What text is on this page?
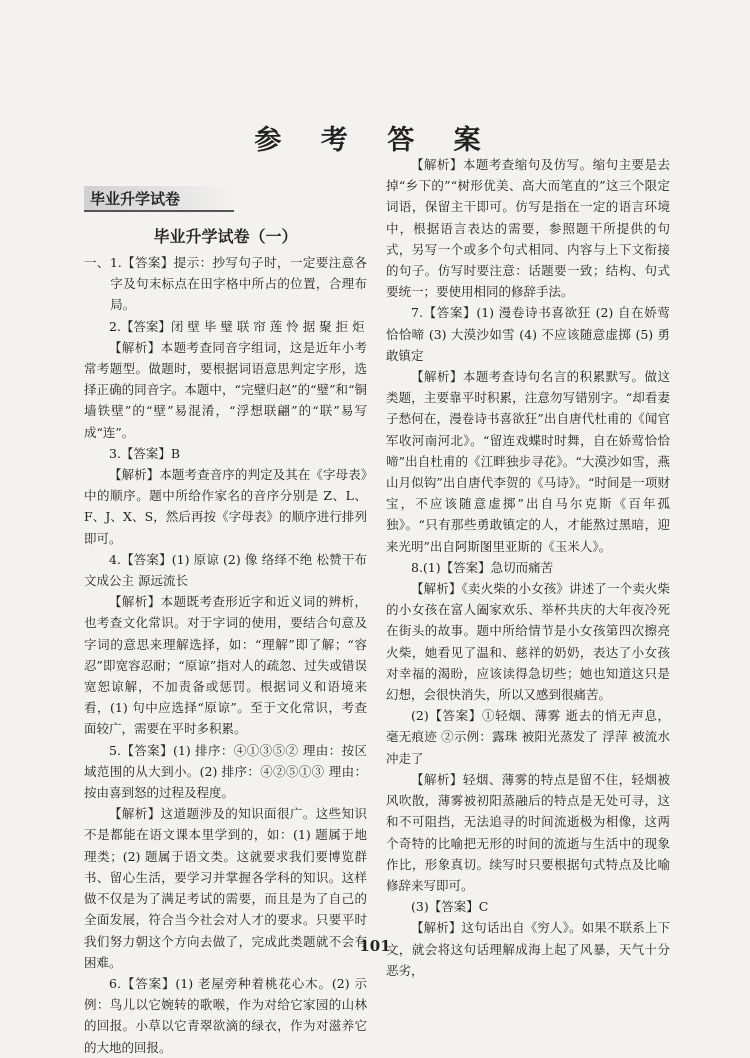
参 考 答 案
毕业升学试卷
毕业升学试卷（一）

一、1.【答案】提示：抄写句子时，一定要注意各字及句末标点在田字格中所占的位置，合理布局。

2.【答案】闭 壁 毕 璧 联 帘 莲 怜 据 聚 拒 炬

【解析】本题考查同音字组词，这是近年小考常考题型。做题时，要根据词语意思判定字形，选择正确的同音字。本题中，“完璧归赵”的“璧”和“铜墙铁壁”的“壁”易混淆，“浮想联翩”的“联”易写成“连”。

3.【答案】B

【解析】本题考查音序的判定及其在《字母表》中的顺序。题中所给作家名的音序分别是 Z、L、F、J、X、S，然后再按《字母表》的顺序进行排列即可。

4.【答案】(1) 原谅 (2) 像 络绎不绝 松赞干布 文成公主 源远流长

【解析】本题既考查形近字和近义词的辨析，也考查文化常识。对于字词的使用，要结合句意及字词的意思来理解选择，如：“理解”即了解；“容忍”即宽容忍耐；“原谅”指对人的疏忽、过失或错误宽恕谅解，不加责备或惩罚。根据词义和语境来看，(1) 句中应选择“原谅”。至于文化常识，考查面较广，需要在平时多积累。

5.【答案】(1) 排序：④①③⑤② 理由：按区域范围的从大到小。(2) 排序：④②⑤①③ 理由：按由喜到怒的过程及程度。

【解析】这道题涉及的知识面很广。这些知识不是都能在语文课本里学到的，如：(1) 题属于地理类；(2) 题属于语文类。这就要求我们要博览群书、留心生活，要学习并掌握各学科的知识。这样做不仅是为了满足考试的需要，而且是为了自己的全面发展，符合当今社会对人才的要求。只要平时我们努力朝这个方向去做了，完成此类题就不会有困难。

6.【答案】(1) 老屋旁种着桃花心木。(2) 示例：鸟儿以它婉转的歌喉，作为对给它家园的山林的回报。小草以它青翠欲滴的绿衣，作为对滋养它的大地的回报。

【解析】本题考查缩句及仿写。缩句主要是去掉“乡下的”“树形优美、高大而笔直的”这三个限定词语，保留主干即可。仿写是指在一定的语言环境中，根据语言表达的需要，参照题干所提供的句式，另写一个或多个句式相同、内容与上下文衔接的句子。仿写时要注意：话题要一致；结构、句式要统一；要使用相同的修辞手法。

7.【答案】(1) 漫卷诗书喜欲狂 (2) 自在娇莺恰恰啼 (3) 大漠沙如雪 (4) 不应该随意虚掷 (5) 勇敢镇定

【解析】本题考查诗句名言的积累默写。做这类题，主要靠平时积累，注意勿写错别字。“却看妻子愁何在，漫卷诗书喜欲狂”出自唐代杜甫的《闻官军收河南河北》。“留连戏蝶时时舞，自在娇莺恰恰啼”出自杜甫的《江畔独步寻花》。“大漠沙如雪，燕山月似钩”出自唐代李贺的《马诗》。“时间是一项财宝，不应该随意虚掷”出自马尔克斯《百年孤独》。“只有那些勇敢镇定的人，才能熬过黑暗，迎来光明”出自阿斯图里亚斯的《玉米人》。

8.(1)【答案】急切而痛苦

【解析】《卖火柴的小女孩》讲述了一个卖火柴的小女孩在富人阖家欢乐、举杯共庆的大年夜冷死在街头的故事。题中所给情节是小女孩第四次擦亮火柴，她看见了温和、慈祥的奶奶，表达了小女孩对幸福的渴盼，应该读得急切些；她也知道这只是幻想，会很快消失，所以又感到很痛苦。

(2)【答案】①轻烟、薄雾 逝去的悄无声息，毫无痕迹 ②示例：露珠 被阳光蒸发了 浮萍 被流水冲走了

【解析】轻烟、薄雾的特点是留不住，轻烟被风吹散，薄雾被初阳蒸融后的特点是无处可寻，这和不可阻挡，无法追寻的时间流逝极为相像，这两个奇特的比喻把无形的时间的流逝与生活中的现象作比，形象真切。续写时只要根据句式特点及比喻修辞来写即可。

(3)【答案】C

【解析】这句话出自《穷人》。如果不联系上下文，就会将这句话理解成海上起了风暴，天气十分恶劣，

101
